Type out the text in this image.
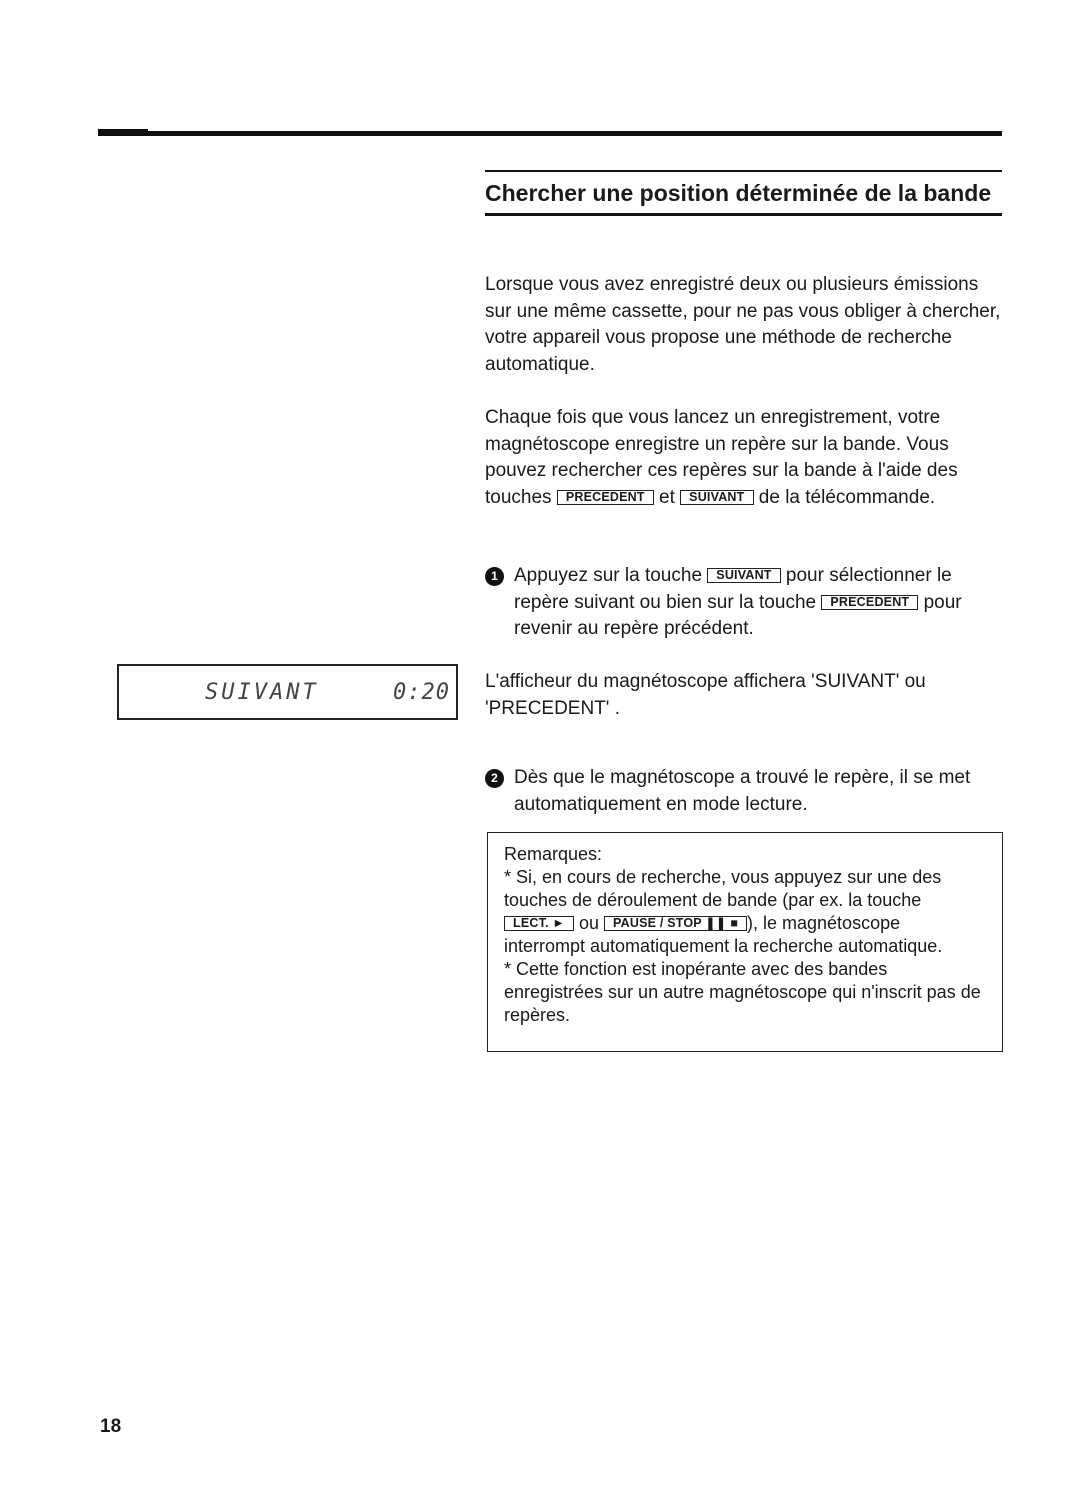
Chercher une position déterminée de la bande

Lorsque vous avez enregistré deux ou plusieurs émissions sur une même cassette, pour ne pas vous obliger à chercher, votre appareil vous propose une méthode de recherche automatique.

Chaque fois que vous lancez un enregistrement, votre magnétoscope enregistre un repère sur la bande. Vous pouvez rechercher ces repères sur la bande à l'aide des touches PRECEDENT et SUIVANT de la télécommande.

1 Appuyez sur la touche SUIVANT pour sélectionner le repère suivant ou bien sur la touche PRECEDENT pour revenir au repère précédent.
SUIVANT	0:20 L'afficheur du magnétoscope affichera 'SUIVANT' ou 'PRECEDENT' .

2 Dès que le magnétoscope a trouvé le repère, il se met automatiquement en mode lecture.

Remarques:

* Si, en cours de recherche, vous appuyez sur une des touches de déroulement de bande (par ex. la touche LECT. ► ou PAUSE / STOP ❚❚ ■ ), le magnétoscope interrompt automatiquement la recherche automatique.

* Cette fonction est inopérante avec des bandes enregistrées sur un autre magnétoscope qui n'inscrit pas de repères.

18
